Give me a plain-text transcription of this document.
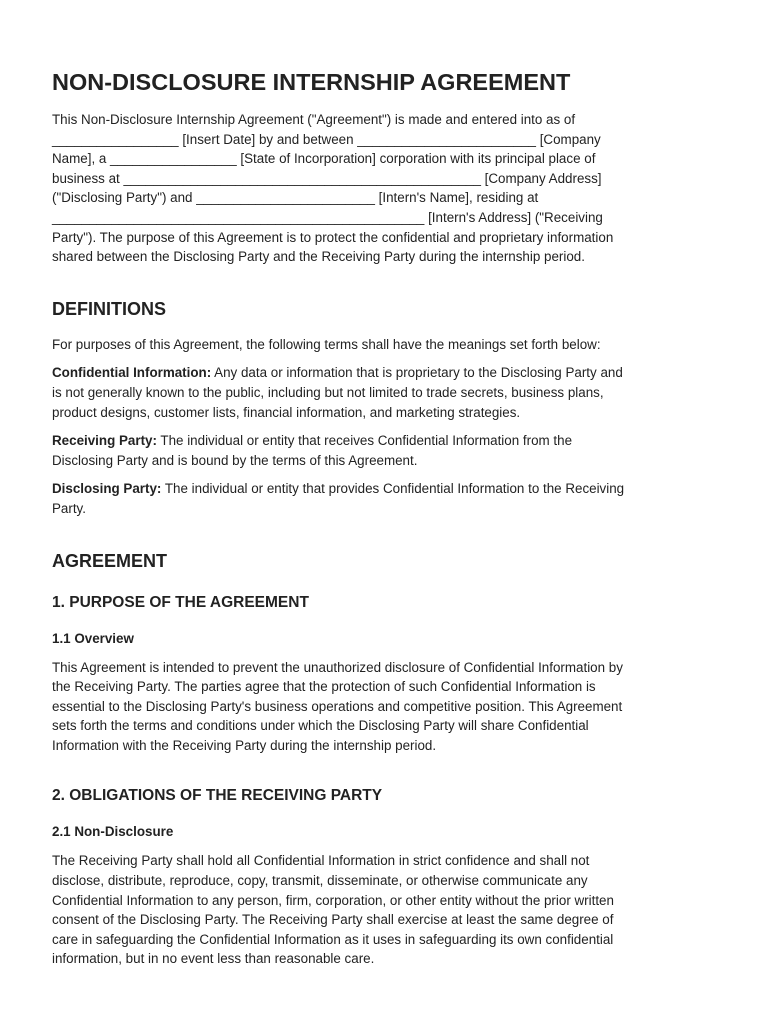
NON-DISCLOSURE INTERNSHIP AGREEMENT

This Non-Disclosure Internship Agreement ("Agreement") is made and entered into as of
_________________ [Insert Date] by and between ________________________ [Company
Name], a _________________ [State of Incorporation] corporation with its principal place of
business at ________________________________________________ [Company Address]
("Disclosing Party") and ________________________ [Intern's Name], residing at
__________________________________________________ [Intern's Address] ("Receiving
Party"). The purpose of this Agreement is to protect the confidential and proprietary information
shared between the Disclosing Party and the Receiving Party during the internship period.

DEFINITIONS

For purposes of this Agreement, the following terms shall have the meanings set forth below:

Confidential Information: Any data or information that is proprietary to the Disclosing Party and
is not generally known to the public, including but not limited to trade secrets, business plans,
product designs, customer lists, financial information, and marketing strategies.

Receiving Party: The individual or entity that receives Confidential Information from the
Disclosing Party and is bound by the terms of this Agreement.

Disclosing Party: The individual or entity that provides Confidential Information to the Receiving
Party.

AGREEMENT
1. PURPOSE OF THE AGREEMENT
1.1 Overview

This Agreement is intended to prevent the unauthorized disclosure of Confidential Information by
the Receiving Party. The parties agree that the protection of such Confidential Information is
essential to the Disclosing Party's business operations and competitive position. This Agreement
sets forth the terms and conditions under which the Disclosing Party will share Confidential
Information with the Receiving Party during the internship period.

2. OBLIGATIONS OF THE RECEIVING PARTY
2.1 Non-Disclosure

The Receiving Party shall hold all Confidential Information in strict confidence and shall not
disclose, distribute, reproduce, copy, transmit, disseminate, or otherwise communicate any
Confidential Information to any person, firm, corporation, or other entity without the prior written
consent of the Disclosing Party. The Receiving Party shall exercise at least the same degree of
care in safeguarding the Confidential Information as it uses in safeguarding its own confidential
information, but in no event less than reasonable care.
